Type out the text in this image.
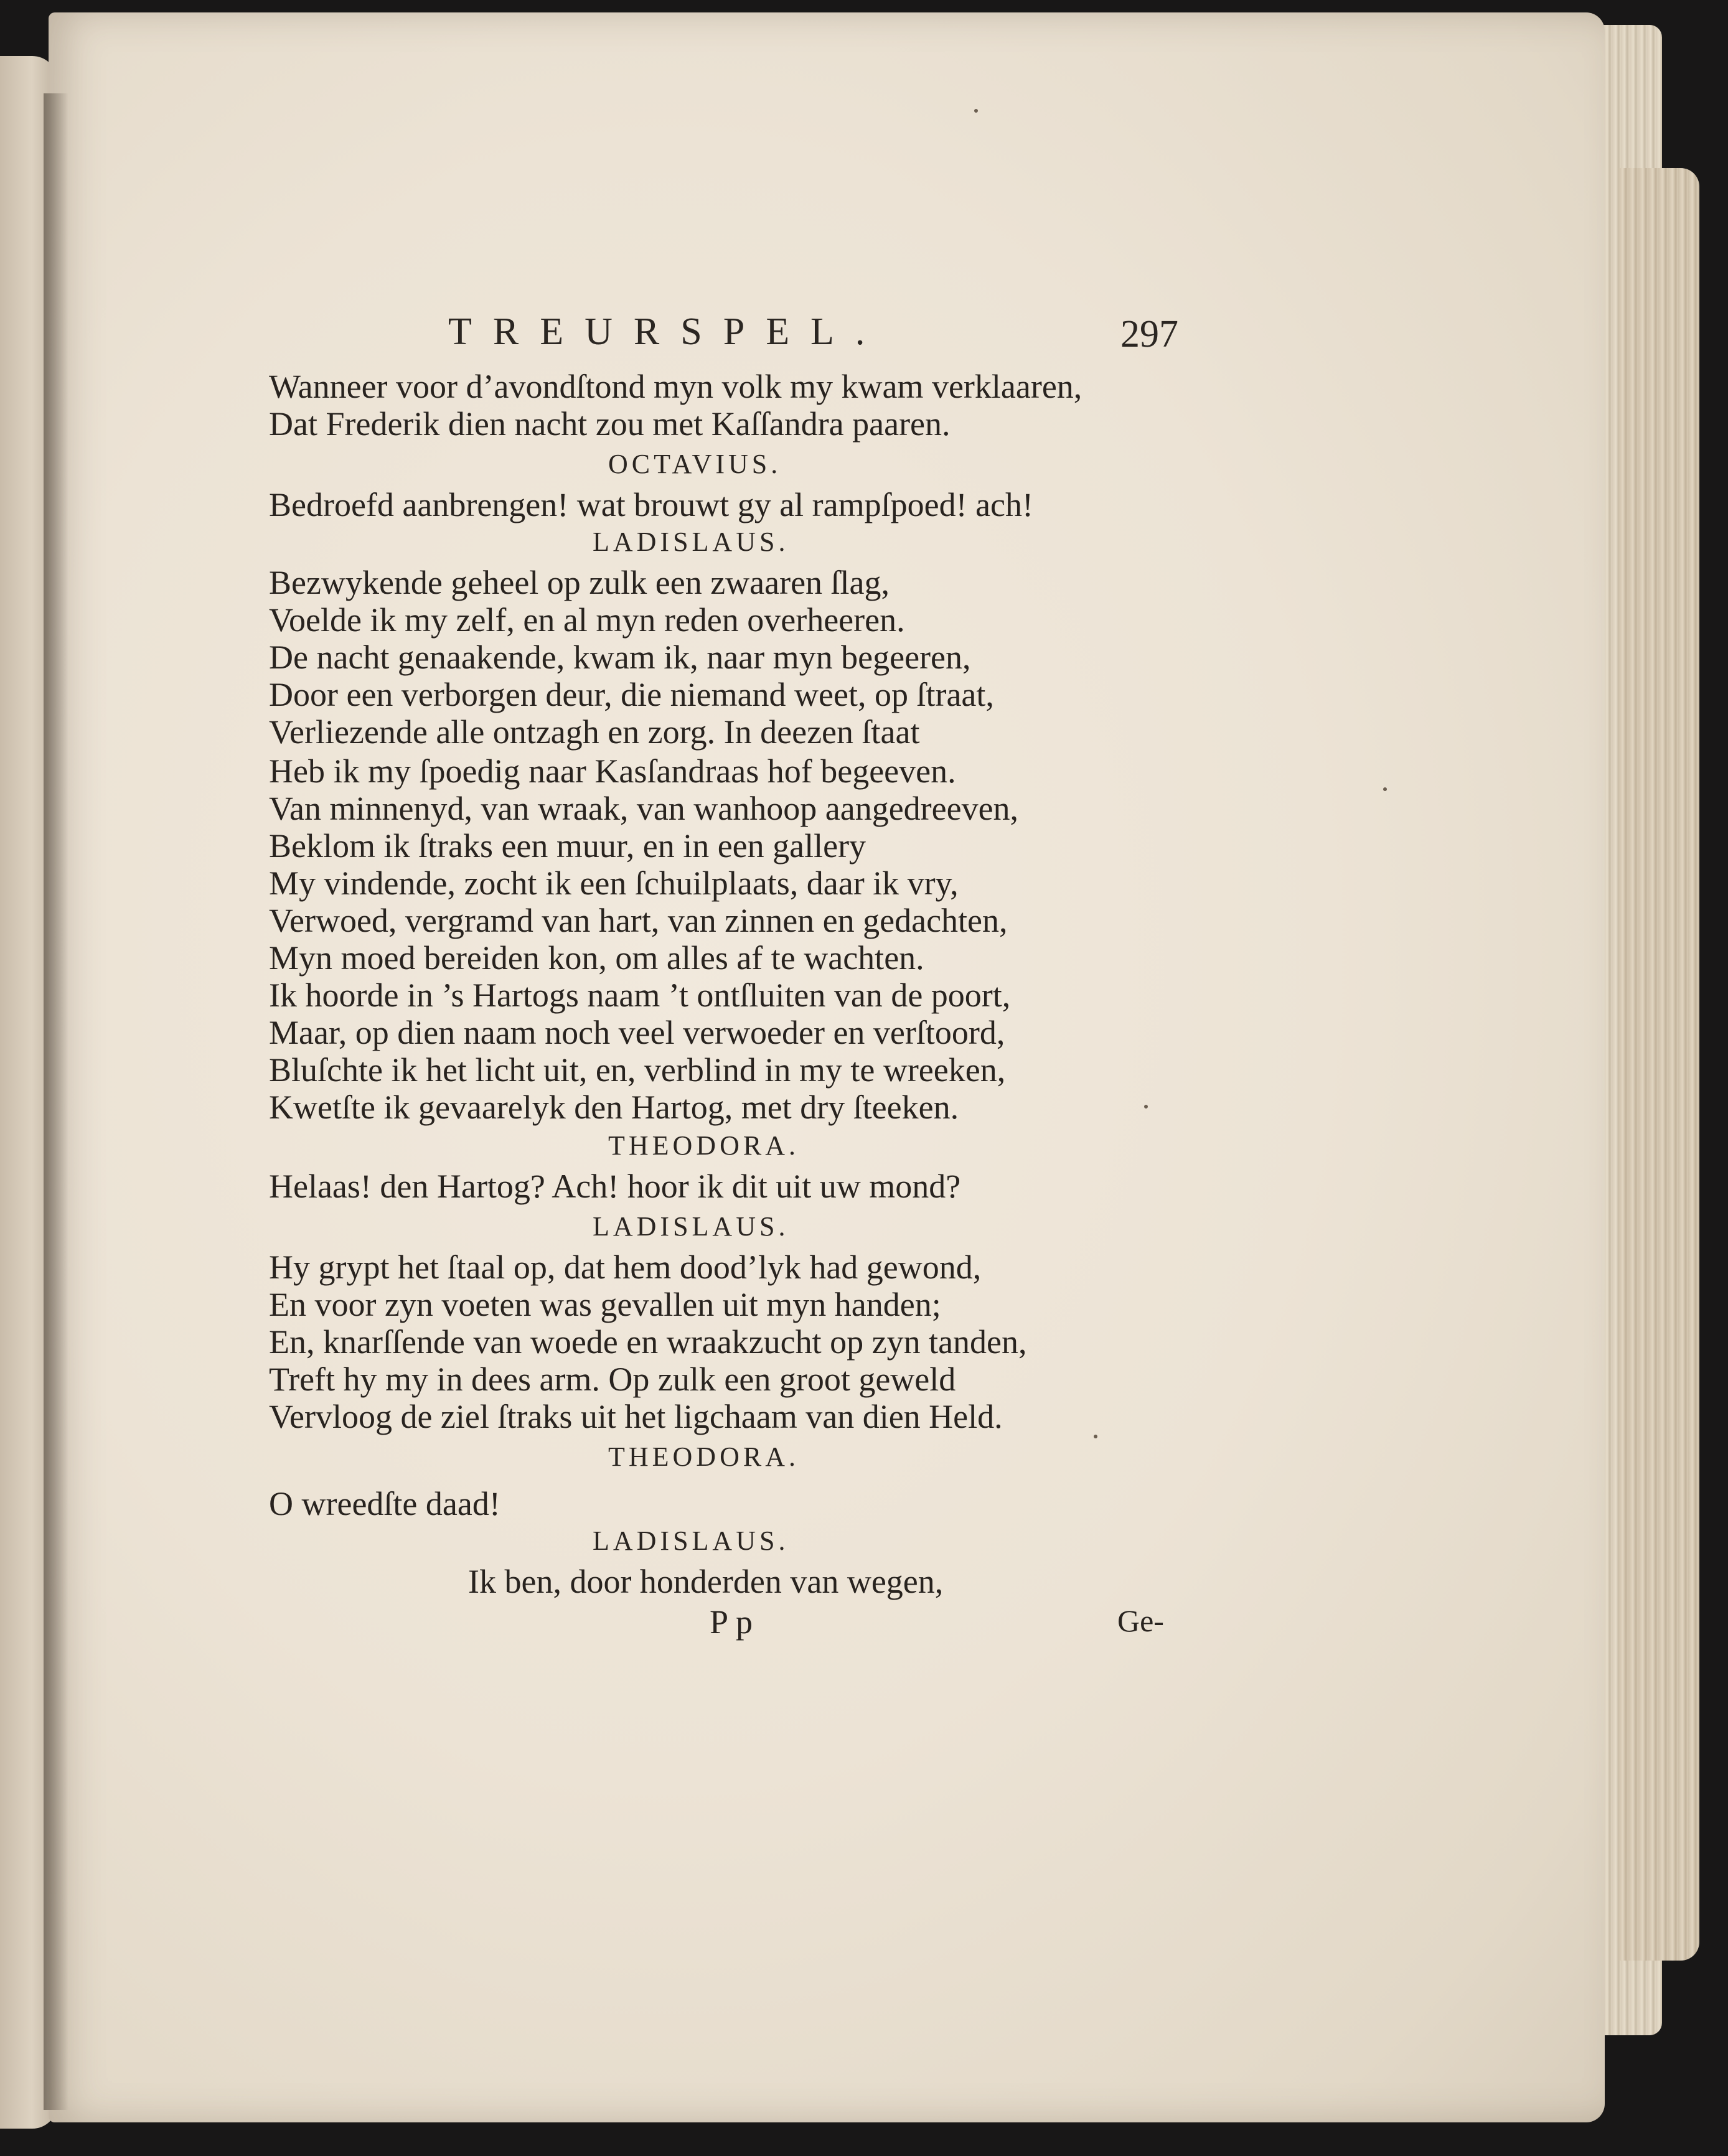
TREURSPEL.	297
Wanneer voor d’avondſtond myn volk my kwam verklaaren,
Dat Frederik dien nacht zou met Kaſſandra paaren.
OCTAVIUS.
Bedroefd aanbrengen! wat brouwt gy al rampſpoed! ach!
LADISLAUS.
Bezwykende geheel op zulk een zwaaren ſlag,
Voelde ik my zelf, en al myn reden overheeren.
De nacht genaakende, kwam ik, naar myn begeeren,
Door een verborgen deur, die niemand weet, op ſtraat,
Verliezende alle ontzagh en zorg. In deezen ſtaat
Heb ik my ſpoedig naar Kasſandraas hof begeeven.
Van minnenyd, van wraak, van wanhoop aangedreeven,
Beklom ik ſtraks een muur, en in een gallery
My vindende, zocht ik een ſchuilplaats, daar ik vry,
Verwoed, vergramd van hart, van zinnen en gedachten,
Myn moed bereiden kon, om alles af te wachten.
Ik hoorde in ’s Hartogs naam ’t ontſluiten van de poort,
Maar, op dien naam noch veel verwoeder en verſtoord,
Bluſchte ik het licht uit, en, verblind in my te wreeken,
Kwetſte ik gevaarelyk den Hartog, met dry ſteeken.
THEODORA.
Helaas! den Hartog? Ach! hoor ik dit uit uw mond?
LADISLAUS.
Hy grypt het ſtaal op, dat hem dood’lyk had gewond,
En voor zyn voeten was gevallen uit myn handen;
En, knarſſende van woede en wraakzucht op zyn tanden,
Treft hy my in dees arm. Op zulk een groot geweld
Vervloog de ziel ſtraks uit het ligchaam van dien Held.
THEODORA.
O wreedſte daad!
LADISLAUS.
Ik ben, door honderden van wegen,
Pp	Ge-
